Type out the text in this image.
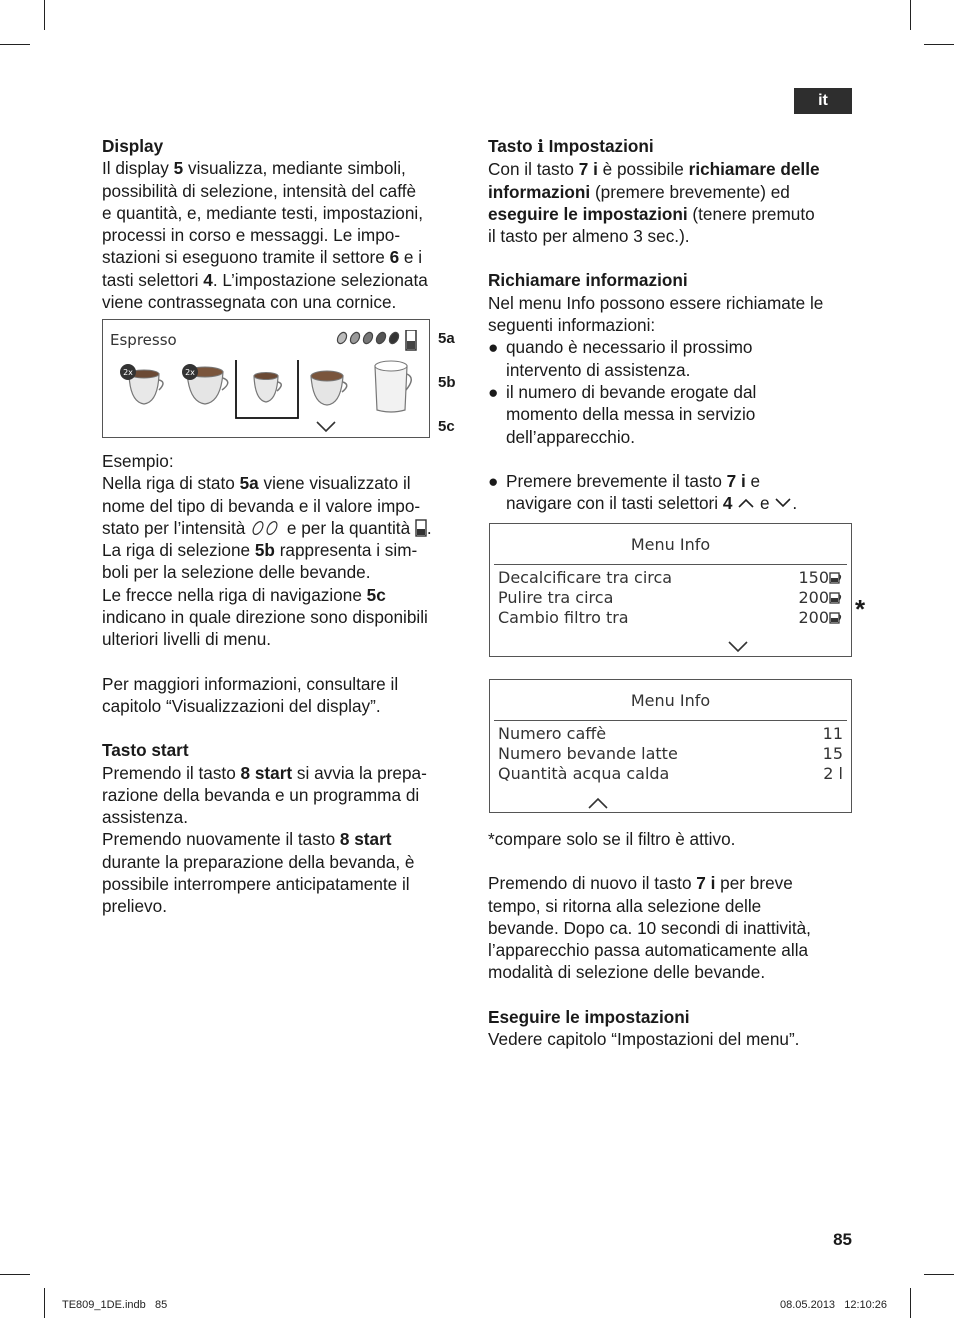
it

Display

Il display 5 visualizza, mediante simboli,

possibilità di selezione, intensità del caffè

e quantità, e, mediante testi, impostazioni,

processi in corso e messaggi. Le impo-

stazioni si eseguono tramite il settore 6 e i

tasti selettori 4. L’impostazione selezionata

viene contrassegnata con una cornice.

Espresso
2x	2x
5a
5b
5c

Esempio:

Nella riga di stato 5a viene visualizzato il

nome del tipo di bevanda e il valore impo-

stato per l’intensità  e per la quantità .

La riga di selezione 5b rappresenta i sim-

boli per la selezione delle bevande.

Le frecce nella riga di navigazione 5c

indicano in quale direzione sono disponibili

ulteriori livelli di menu.

Per maggiori informazioni, consultare il

capitolo “Visualizzazioni del display”.

Tasto start

Premendo il tasto 8 start si avvia la prepa-

razione della bevanda e un programma di

assistenza.

Premendo nuovamente il tasto 8 start

durante la preparazione della bevanda, è

possibile interrompere anticipatamente il

prelievo.

Tasto i Impostazioni

Con il tasto 7 i è possibile richiamare delle

informazioni (premere brevemente) ed

eseguire le impostazioni (tenere premuto

il tasto per almeno 3 sec.).

Richiamare informazioni

Nel menu Info possono essere richiamate le

seguenti informazioni:

● quando è necessario il prossimo

intervento di assistenza.

● il numero di bevande erogate dal

momento della messa in servizio

dell’apparecchio.

● Premere brevemente il tasto 7 i e

navigare con il tasti selettori 4  e .

Menu Info
Decalcificare tra circa	150
Pulire tra circa	200
Cambio filtro tra	200	*
Menu Info
Numero caffè	11
Numero bevande latte	15
Quantità acqua calda	2 l

*compare solo se il filtro è attivo.

Premendo di nuovo il tasto 7 i per breve

tempo, si ritorna alla selezione delle

bevande. Dopo ca. 10 secondi di inattività,

l’apparecchio passa automaticamente alla

modalità di selezione delle bevande.

Eseguire le impostazioni

Vedere capitolo “Impostazioni del menu”.

85
TE809_1DE.indb   85	08.05.2013   12:10:26
